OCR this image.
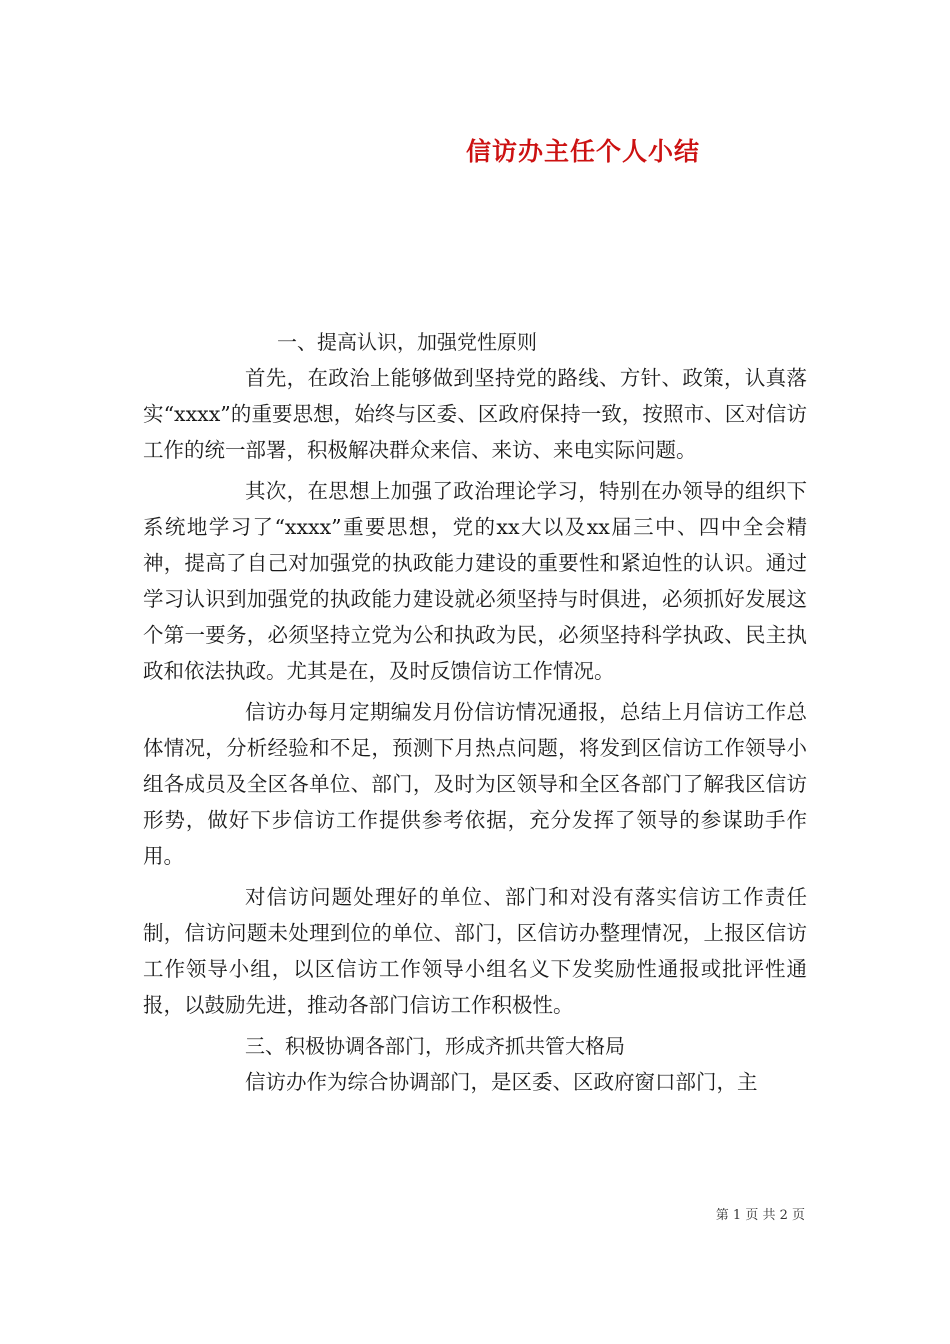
信访办主任个人小结
一、提高认识，加强党性原则

首先，在政治上能够做到坚持党的路线、方针、政策，认真落实“xxxx”的重要思想，始终与区委、区政府保持一致，按照市、区对信访工作的统一部署，积极解决群众来信、来访、来电实际问题。

其次，在思想上加强了政治理论学习，特别在办领导的组织下系统地学习了“xxxx”重要思想，党的xx大以及xx届三中、四中全会精神，提高了自己对加强党的执政能力建设的重要性和紧迫性的认识。通过学习认识到加强党的执政能力建设就必须坚持与时俱进，必须抓好发展这个第一要务，必须坚持立党为公和执政为民，必须坚持科学执政、民主执政和依法执政。尤其是在，及时反馈信访工作情况。

信访办每月定期编发月份信访情况通报，总结上月信访工作总体情况，分析经验和不足，预测下月热点问题，将发到区信访工作领导小组各成员及全区各单位、部门，及时为区领导和全区各部门了解我区信访形势，做好下步信访工作提供参考依据，充分发挥了领导的参谋助手作用。

对信访问题处理好的单位、部门和对没有落实信访工作责任制，信访问题未处理到位的单位、部门，区信访办整理情况，上报区信访工作领导小组，以区信访工作领导小组名义下发奖励性通报或批评性通报，以鼓励先进，推动各部门信访工作积极性。

三、积极协调各部门，形成齐抓共管大格局

信访办作为综合协调部门，是区委、区政府窗口部门，主

第 1 页 共 2 页
